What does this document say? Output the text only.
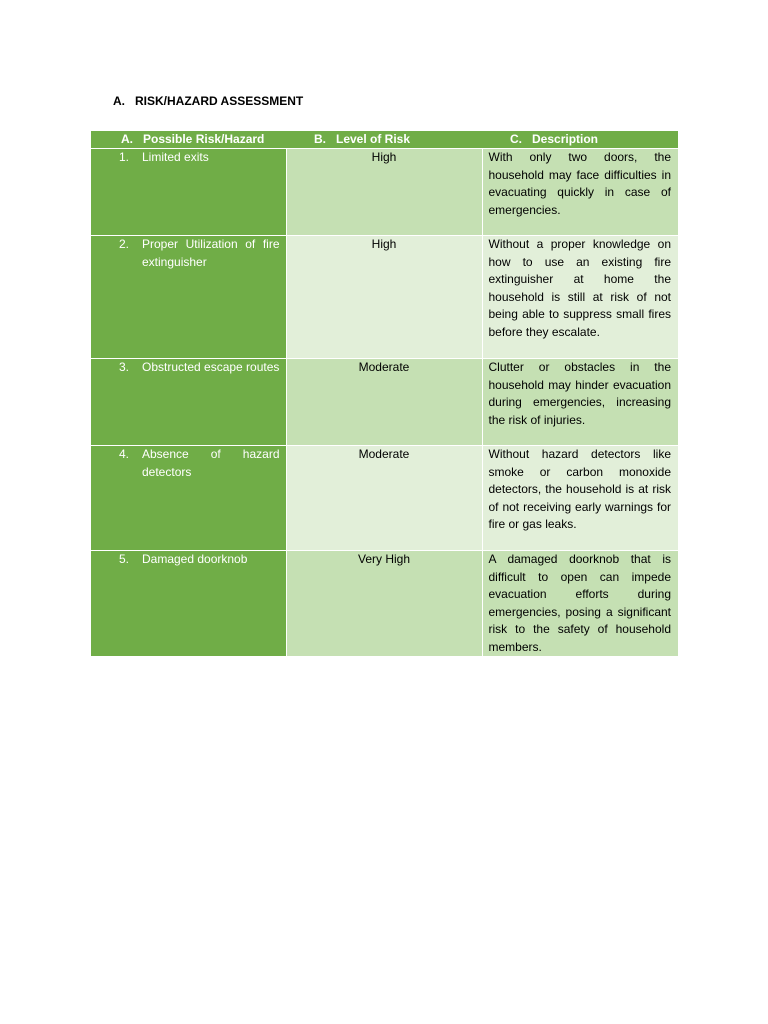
A. RISK/HAZARD ASSESSMENT
A. Possible Risk/Hazard	B. Level of Risk	C. Description

1. Limited exits	High	With only two doors, the household may face difficulties in evacuating quickly in case of emergencies.

2. Proper Utilization of fire extinguisher	High	Without a proper knowledge on how to use an existing fire extinguisher at home the household is still at risk of not being able to suppress small fires before they escalate.

3. Obstructed escape routes	Moderate	Clutter or obstacles in the household may hinder evacuation during emergencies, increasing the risk of injuries.

4. Absence of hazard detectors	Moderate	Without hazard detectors like smoke or carbon monoxide detectors, the household is at risk of not receiving early warnings for fire or gas leaks.

5. Damaged doorknob	Very High	A damaged doorknob that is difficult to open can impede evacuation efforts during emergencies, posing a significant risk to the safety of household members.
